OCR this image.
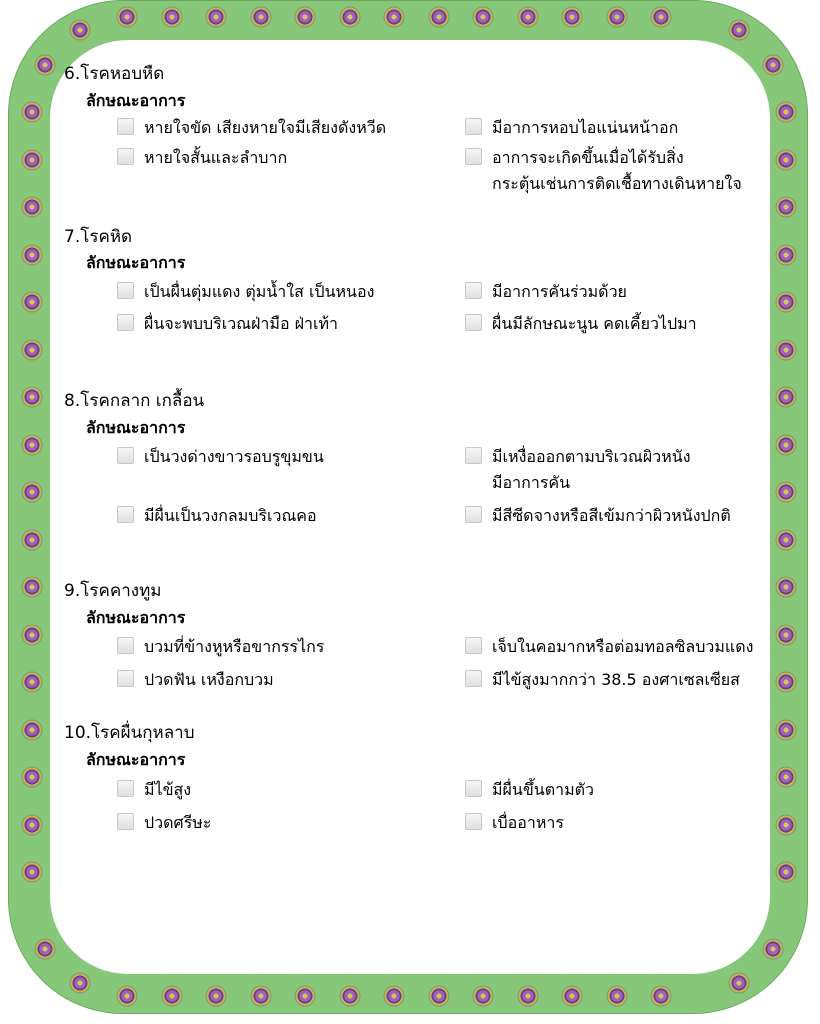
6.โรคหอบหืด
ลักษณะอาการ
หายใจขัด เสียงหายใจมีเสียงดังหวีด
หายใจสั้นและลำบาก
มีอาการหอบไอแน่นหน้าอก
อาการจะเกิดขึ้นเมื่อได้รับสิ่ง
กระตุ้นเช่นการติดเชื้อทางเดินหายใจ
7.โรคหิด
ลักษณะอาการ
เป็นผื่นตุ่มแดง ตุ่มน้ำใส เป็นหนอง
ผื่นจะพบบริเวณฝ่ามือ ฝ่าเท้า
มีอาการคันร่วมด้วย
ผื่นมีลักษณะนูน คดเคี้ยวไปมา
8.โรคกลาก เกลื้อน
ลักษณะอาการ
เป็นวงด่างขาวรอบรูขุมขน
มีผื่นเป็นวงกลมบริเวณคอ
มีเหงื่อออกตามบริเวณผิวหนัง
มีอาการคัน
มีสีซีดจางหรือสีเข้มกว่าผิวหนังปกติ
9.โรคคางทูม
ลักษณะอาการ
บวมที่ข้างหูหรือขากรรไกร
ปวดฟัน เหงือกบวม
เจ็บในคอมากหรือต่อมทอลซิลบวมแดง
มีไข้สูงมากกว่า 38.5 องศาเซลเซียส
10.โรคผื่นกุหลาบ
ลักษณะอาการ
มีไข้สูง
ปวดศรีษะ
มีผื่นขึ้นตามตัว
เบื่ออาหาร
